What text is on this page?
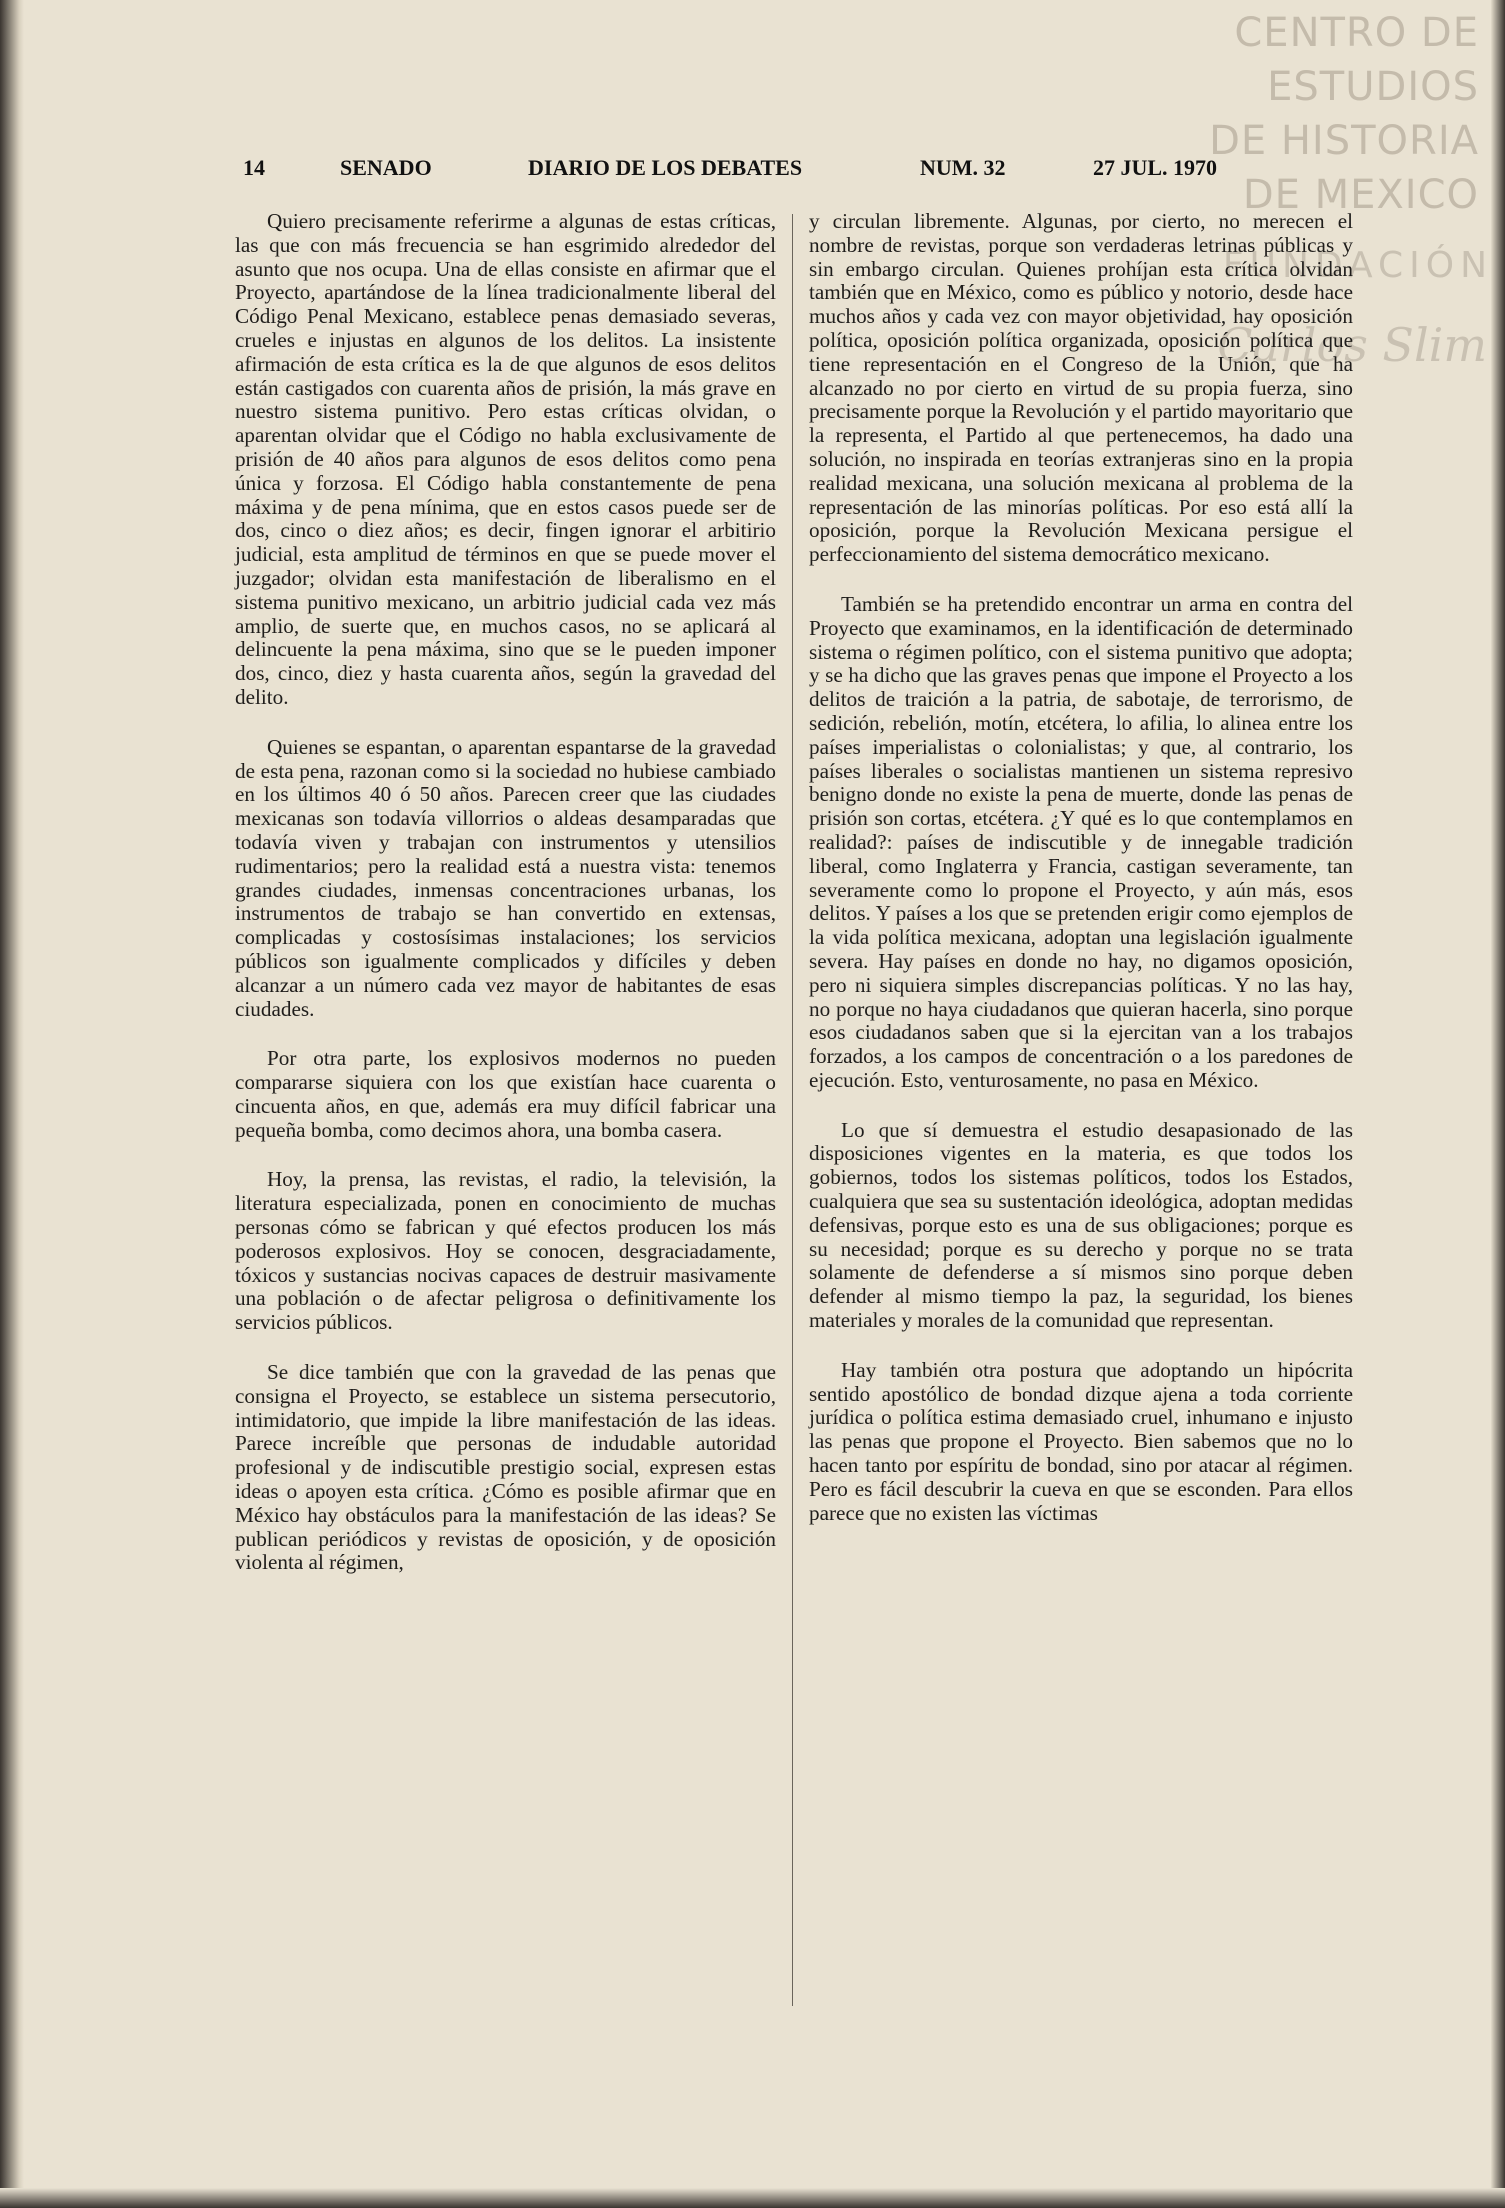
CENTRO DE
ESTUDIOS
DE HISTORIA
DE MEXICO
FUNDACIÓN
Carlos Slim
14	SENADO	DIARIO DE LOS DEBATES	NUM. 32	27 JUL. 1970

Quiero precisamente referirme a algunas de estas críticas, las que con más frecuencia se han esgrimido alrededor del asunto que nos ocupa. Una de ellas consiste en afirmar que el Proyecto, apartándose de la línea tradicionalmente liberal del Código Penal Mexicano, establece penas demasiado severas, crueles e injustas en algunos de los delitos. La insistente afirmación de esta crítica es la de que algunos de esos delitos están castigados con cuarenta años de prisión, la más grave en nuestro sistema punitivo. Pero estas críticas olvidan, o aparentan olvidar que el Código no habla exclusivamente de prisión de 40 años para algunos de esos delitos como pena única y forzosa. El Código habla constantemente de pena máxima y de pena mínima, que en estos casos puede ser de dos, cinco o diez años; es decir, fingen ignorar el arbitirio judicial, esta amplitud de términos en que se puede mover el juzgador; olvidan esta manifestación de liberalismo en el sistema punitivo mexicano, un arbitrio judicial cada vez más amplio, de suerte que, en muchos casos, no se aplicará al delincuente la pena máxima, sino que se le pueden imponer dos, cinco, diez y hasta cuarenta años, según la gravedad del delito.

Quienes se espantan, o aparentan espantarse de la gravedad de esta pena, razonan como si la sociedad no hubiese cambiado en los últimos 40 ó 50 años. Parecen creer que las ciudades mexicanas son todavía villorrios o aldeas desamparadas que todavía viven y trabajan con instrumentos y utensilios rudimentarios; pero la realidad está a nuestra vista: tenemos grandes ciudades, inmensas concentraciones urbanas, los instrumentos de trabajo se han convertido en extensas, complicadas y costosísimas instalaciones; los servicios públicos son igualmente complicados y difíciles y deben alcanzar a un número cada vez mayor de habitantes de esas ciudades.

Por otra parte, los explosivos modernos no pueden compararse siquiera con los que existían hace cuarenta o cincuenta años, en que, además era muy difícil fabricar una pequeña bomba, como decimos ahora, una bomba casera.

Hoy, la prensa, las revistas, el radio, la televisión, la literatura especializada, ponen en conocimiento de muchas personas cómo se fabrican y qué efectos producen los más poderosos explosivos. Hoy se conocen, desgraciadamente, tóxicos y sustancias nocivas capaces de destruir masivamente una población o de afectar peligrosa o definitivamente los servicios públicos.

Se dice también que con la gravedad de las penas que consigna el Proyecto, se establece un sistema persecutorio, intimidatorio, que impide la libre manifestación de las ideas. Parece increíble que personas de indudable autoridad profesional y de indiscutible prestigio social, expresen estas ideas o apoyen esta crítica. ¿Cómo es posible afirmar que en México hay obstáculos para la manifestación de las ideas? Se publican periódicos y revistas de oposición, y de oposición violenta al régimen,

y circulan libremente. Algunas, por cierto, no merecen el nombre de revistas, porque son verdaderas letrinas públicas y sin embargo circulan. Quienes prohíjan esta crítica olvidan también que en México, como es público y notorio, desde hace muchos años y cada vez con mayor objetividad, hay oposición política, oposición política organizada, oposición política que tiene representación en el Congreso de la Unión, que ha alcanzado no por cierto en virtud de su propia fuerza, sino precisamente porque la Revolución y el partido mayoritario que la representa, el Partido al que pertenecemos, ha dado una solución, no inspirada en teorías extranjeras sino en la propia realidad mexicana, una solución mexicana al problema de la representación de las minorías políticas. Por eso está allí la oposición, porque la Revolución Mexicana persigue el perfeccionamiento del sistema democrático mexicano.

También se ha pretendido encontrar un arma en contra del Proyecto que examinamos, en la identificación de determinado sistema o régimen político, con el sistema punitivo que adopta; y se ha dicho que las graves penas que impone el Proyecto a los delitos de traición a la patria, de sabotaje, de terrorismo, de sedición, rebelión, motín, etcétera, lo afilia, lo alinea entre los países imperialistas o colonialistas; y que, al contrario, los países liberales o socialistas mantienen un sistema represivo benigno donde no existe la pena de muerte, donde las penas de prisión son cortas, etcétera. ¿Y qué es lo que contemplamos en realidad?: países de indiscutible y de innegable tradición liberal, como Inglaterra y Francia, castigan severamente, tan severamente como lo propone el Proyecto, y aún más, esos delitos. Y países a los que se pretenden erigir como ejemplos de la vida política mexicana, adoptan una legislación igualmente severa. Hay países en donde no hay, no digamos oposición, pero ni siquiera simples discrepancias políticas. Y no las hay, no porque no haya ciudadanos que quieran hacerla, sino porque esos ciudadanos saben que si la ejercitan van a los trabajos forzados, a los campos de concentración o a los paredones de ejecución. Esto, venturosamente, no pasa en México.

Lo que sí demuestra el estudio desapasionado de las disposiciones vigentes en la materia, es que todos los gobiernos, todos los sistemas políticos, todos los Estados, cualquiera que sea su sustentación ideológica, adoptan medidas defensivas, porque esto es una de sus obligaciones; porque es su necesidad; porque es su derecho y porque no se trata solamente de defenderse a sí mismos sino porque deben defender al mismo tiempo la paz, la seguridad, los bienes materiales y morales de la comunidad que representan.

Hay también otra postura que adoptando un hipócrita sentido apostólico de bondad dizque ajena a toda corriente jurídica o política estima demasiado cruel, inhumano e injusto las penas que propone el Proyecto. Bien sabemos que no lo hacen tanto por espíritu de bondad, sino por atacar al régimen. Pero es fácil descubrir la cueva en que se esconden. Para ellos parece que no existen las víctimas
